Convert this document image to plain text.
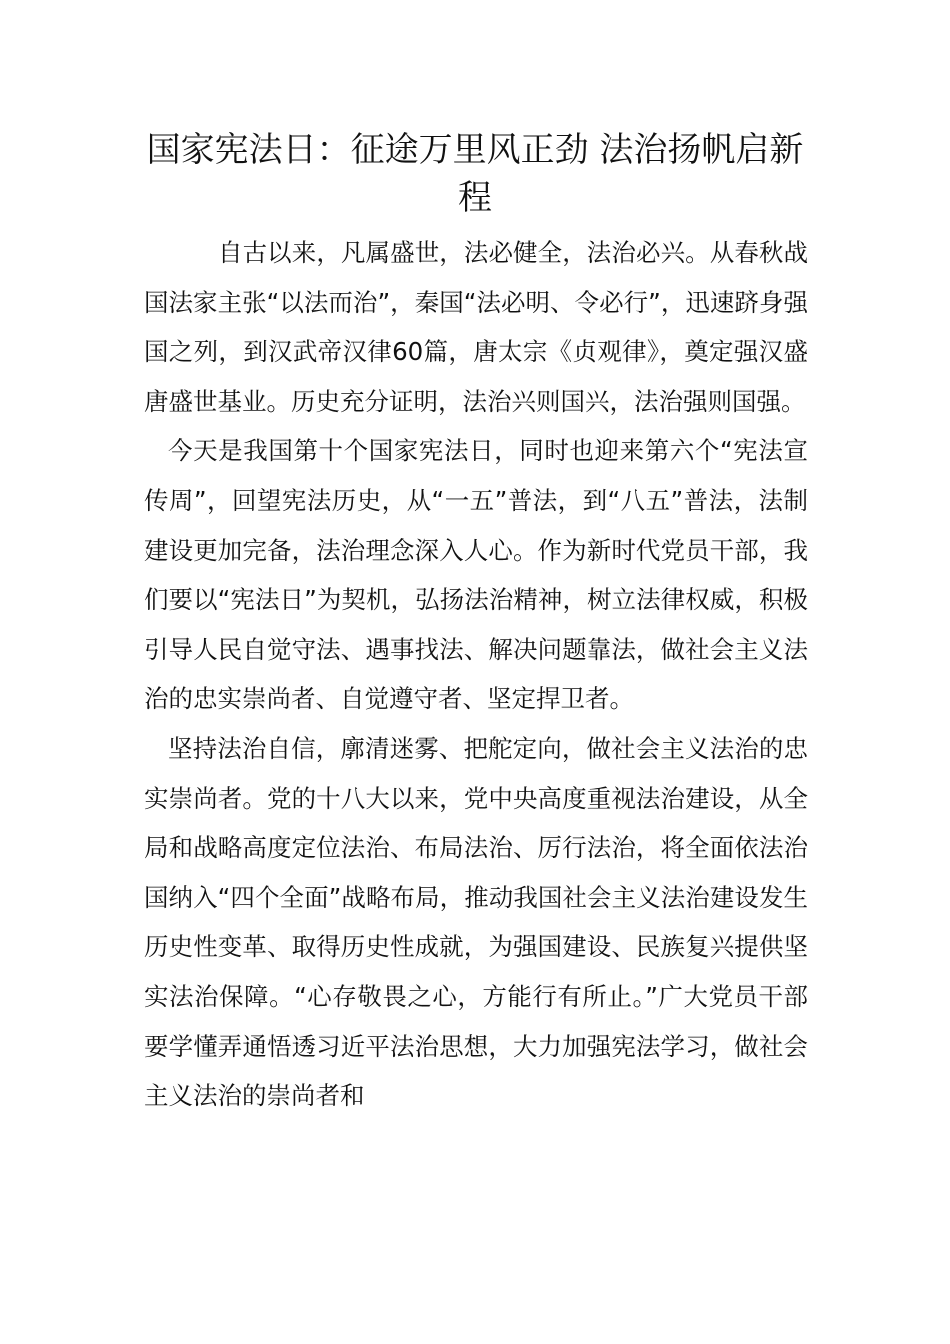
国家宪法日：征途万里风正劲 法治扬帆启新程

自古以来，凡属盛世，法必健全，法治必兴。从春秋战国法家主张“以法而治”，秦国“法必明、令必行”，迅速跻身强国之列，到汉武帝汉律60篇，唐太宗《贞观律》，奠定强汉盛唐盛世基业。历史充分证明，法治兴则国兴，法治强则国强。

今天是我国第十个国家宪法日，同时也迎来第六个“宪法宣传周”，回望宪法历史，从“一五”普法，到“八五”普法，法制建设更加完备，法治理念深入人心。作为新时代党员干部，我们要以“宪法日”为契机，弘扬法治精神，树立法律权威，积极引导人民自觉守法、遇事找法、解决问题靠法，做社会主义法治的忠实崇尚者、自觉遵守者、坚定捍卫者。

坚持法治自信，廓清迷雾、把舵定向，做社会主义法治的忠实崇尚者。党的十八大以来，党中央高度重视法治建设，从全局和战略高度定位法治、布局法治、厉行法治，将全面依法治国纳入“四个全面”战略布局，推动我国社会主义法治建设发生历史性变革、取得历史性成就，为强国建设、民族复兴提供坚实法治保障。“心存敬畏之心，方能行有所止。”广大党员干部要学懂弄通悟透习近平法治思想，大力加强宪法学习，做社会主义法治的崇尚者和
